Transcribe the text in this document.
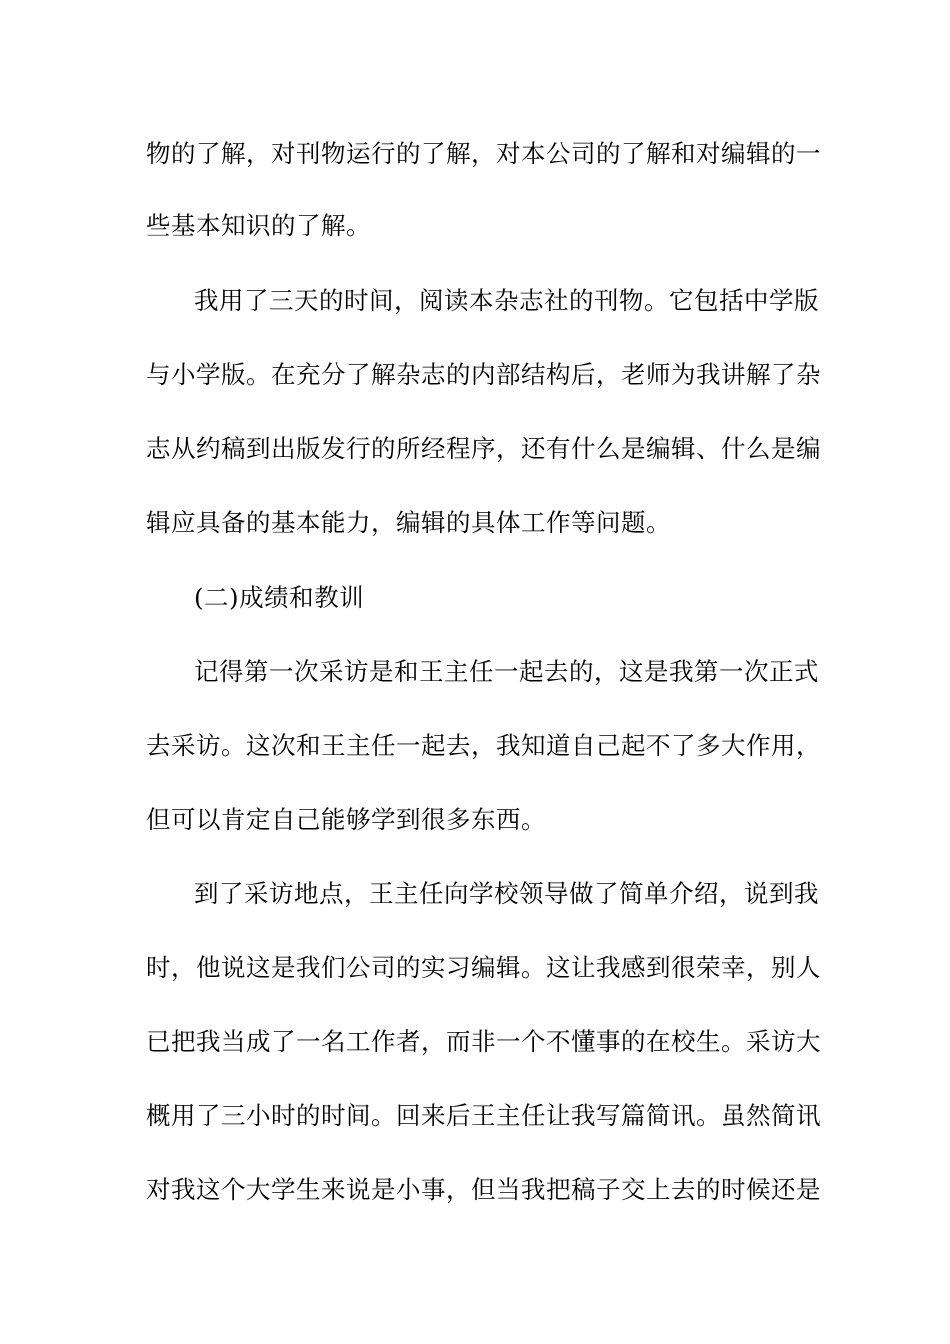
物的了解，对刊物运行的了解，对本公司的了解和对编辑的一
些基本知识的了解。
我用了三天的时间，阅读本杂志社的刊物。它包括中学版
与小学版。在充分了解杂志的内部结构后，老师为我讲解了杂
志从约稿到出版发行的所经程序，还有什么是编辑、什么是编
辑应具备的基本能力，编辑的具体工作等问题。
(二)成绩和教训
记得第一次采访是和王主任一起去的，这是我第一次正式
去采访。这次和王主任一起去，我知道自己起不了多大作用，
但可以肯定自己能够学到很多东西。
到了采访地点，王主任向学校领导做了简单介绍，说到我
时，他说这是我们公司的实习编辑。这让我感到很荣幸，别人
已把我当成了一名工作者，而非一个不懂事的在校生。采访大
概用了三小时的时间。回来后王主任让我写篇简讯。虽然简讯
对我这个大学生来说是小事，但当我把稿子交上去的时候还是
